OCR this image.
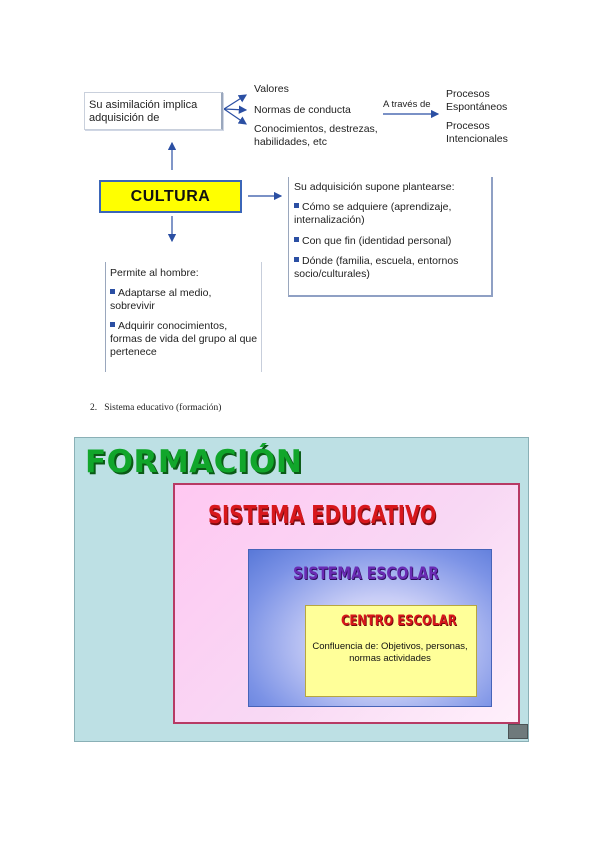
Su asimilación implica adquisición de
Valores
Normas de conducta
Conocimientos, destrezas, habilidades, etc
A través de
Procesos Espontáneos
Procesos Intencionales
CULTURA
Su adquisición supone plantearse:
Cómo se adquiere (aprendizaje, internalización)
Con que fin (identidad personal)
Dónde (familia, escuela, entornos socio/culturales)
Permite al hombre:
Adaptarse al medio, sobrevivir
Adquirir conocimientos, formas de vida del grupo al que pertenece
2. Sistema educativo (formación)
FORMACIÓN
SISTEMA EDUCATIVO
SISTEMA ESCOLAR
CENTRO ESCOLAR
Confluencia de: Objetivos, personas, normas actividades
